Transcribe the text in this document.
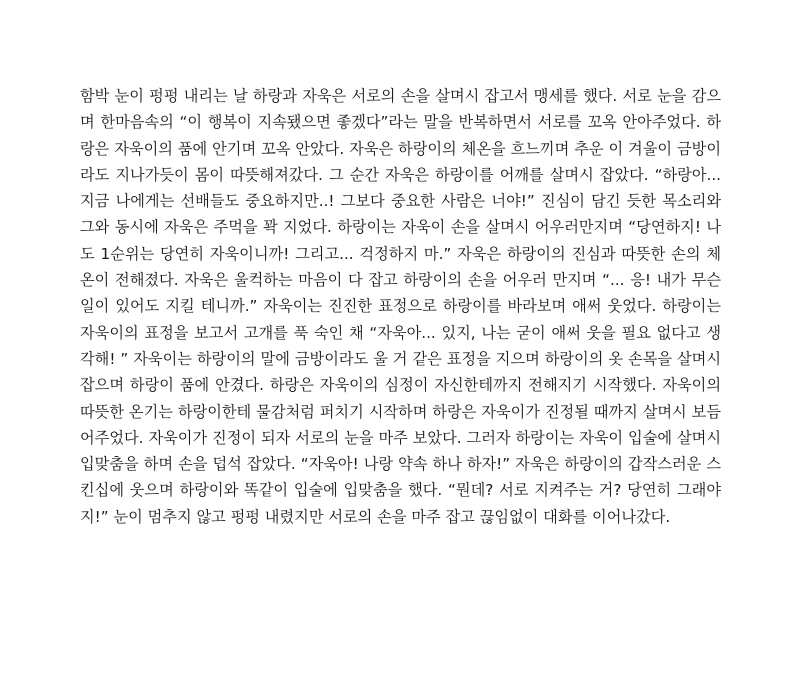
함박 눈이 펑펑 내리는 날 하랑과 자욱은 서로의 손을 살며시 잡고서 맹세를 했다. 서로 눈을 감으며 한마음속의 “이 행복이 지속됐으면 좋겠다”라는 말을 반복하면서 서로를 꼬옥 안아주었다. 하랑은 자욱이의 품에 안기며 꼬옥 안았다. 자욱은 하랑이의 체온을 흐느끼며 추운 이 겨울이 금방이라도 지나가듯이 몸이 따뜻해져갔다. 그 순간 자욱은 하랑이를 어깨를 살며시 잡았다. “하랑아... 지금 나에게는 선배들도 중요하지만..! 그보다 중요한 사람은 너야!” 진심이 담긴 듯한 목소리와 그와 동시에 자욱은 주먹을 꽉 지었다. 하랑이는 자욱이 손을 살며시 어우러만지며 “당연하지! 나도 1순위는 당연히 자욱이니까! 그리고... 걱정하지 마.” 자욱은 하랑이의 진심과 따뜻한 손의 체온이 전해졌다. 자욱은 울컥하는 마음이 다 잡고 하랑이의 손을 어우러 만지며 “... 응! 내가 무슨 일이 있어도 지킬 테니까.” 자욱이는 진진한 표정으로 하랑이를 바라보며 애써 웃었다. 하랑이는 자욱이의 표정을 보고서 고개를 푹 숙인 채 “자욱아... 있지, 나는 굳이 애써 웃을 필요 없다고 생각해! ” 자욱이는 하랑이의 말에 금방이라도 울 거 같은 표정을 지으며 하랑이의 옷 손목을 살며시 잡으며 하랑이 품에 안겼다. 하랑은 자욱이의 심정이 자신한테까지 전해지기 시작했다. 자욱이의 따뜻한 온기는 하랑이한테 물감처럼 퍼치기 시작하며 하랑은 자욱이가 진정될 때까지 살며시 보듬어주었다. 자욱이가 진정이 되자 서로의 눈을 마주 보았다. 그러자 하랑이는 자욱이 입술에 살며시 입맞춤을 하며 손을 덥석 잡았다. “자욱아! 나랑 약속 하나 하자!” 자욱은 하랑이의 갑작스러운 스킨십에 웃으며 하랑이와 똑같이 입술에 입맞춤을 했다. “뭔데? 서로 지켜주는 거? 당연히 그래야지!” 눈이 멈추지 않고 펑펑 내렸지만 서로의 손을 마주 잡고 끊임없이 대화를 이어나갔다.
